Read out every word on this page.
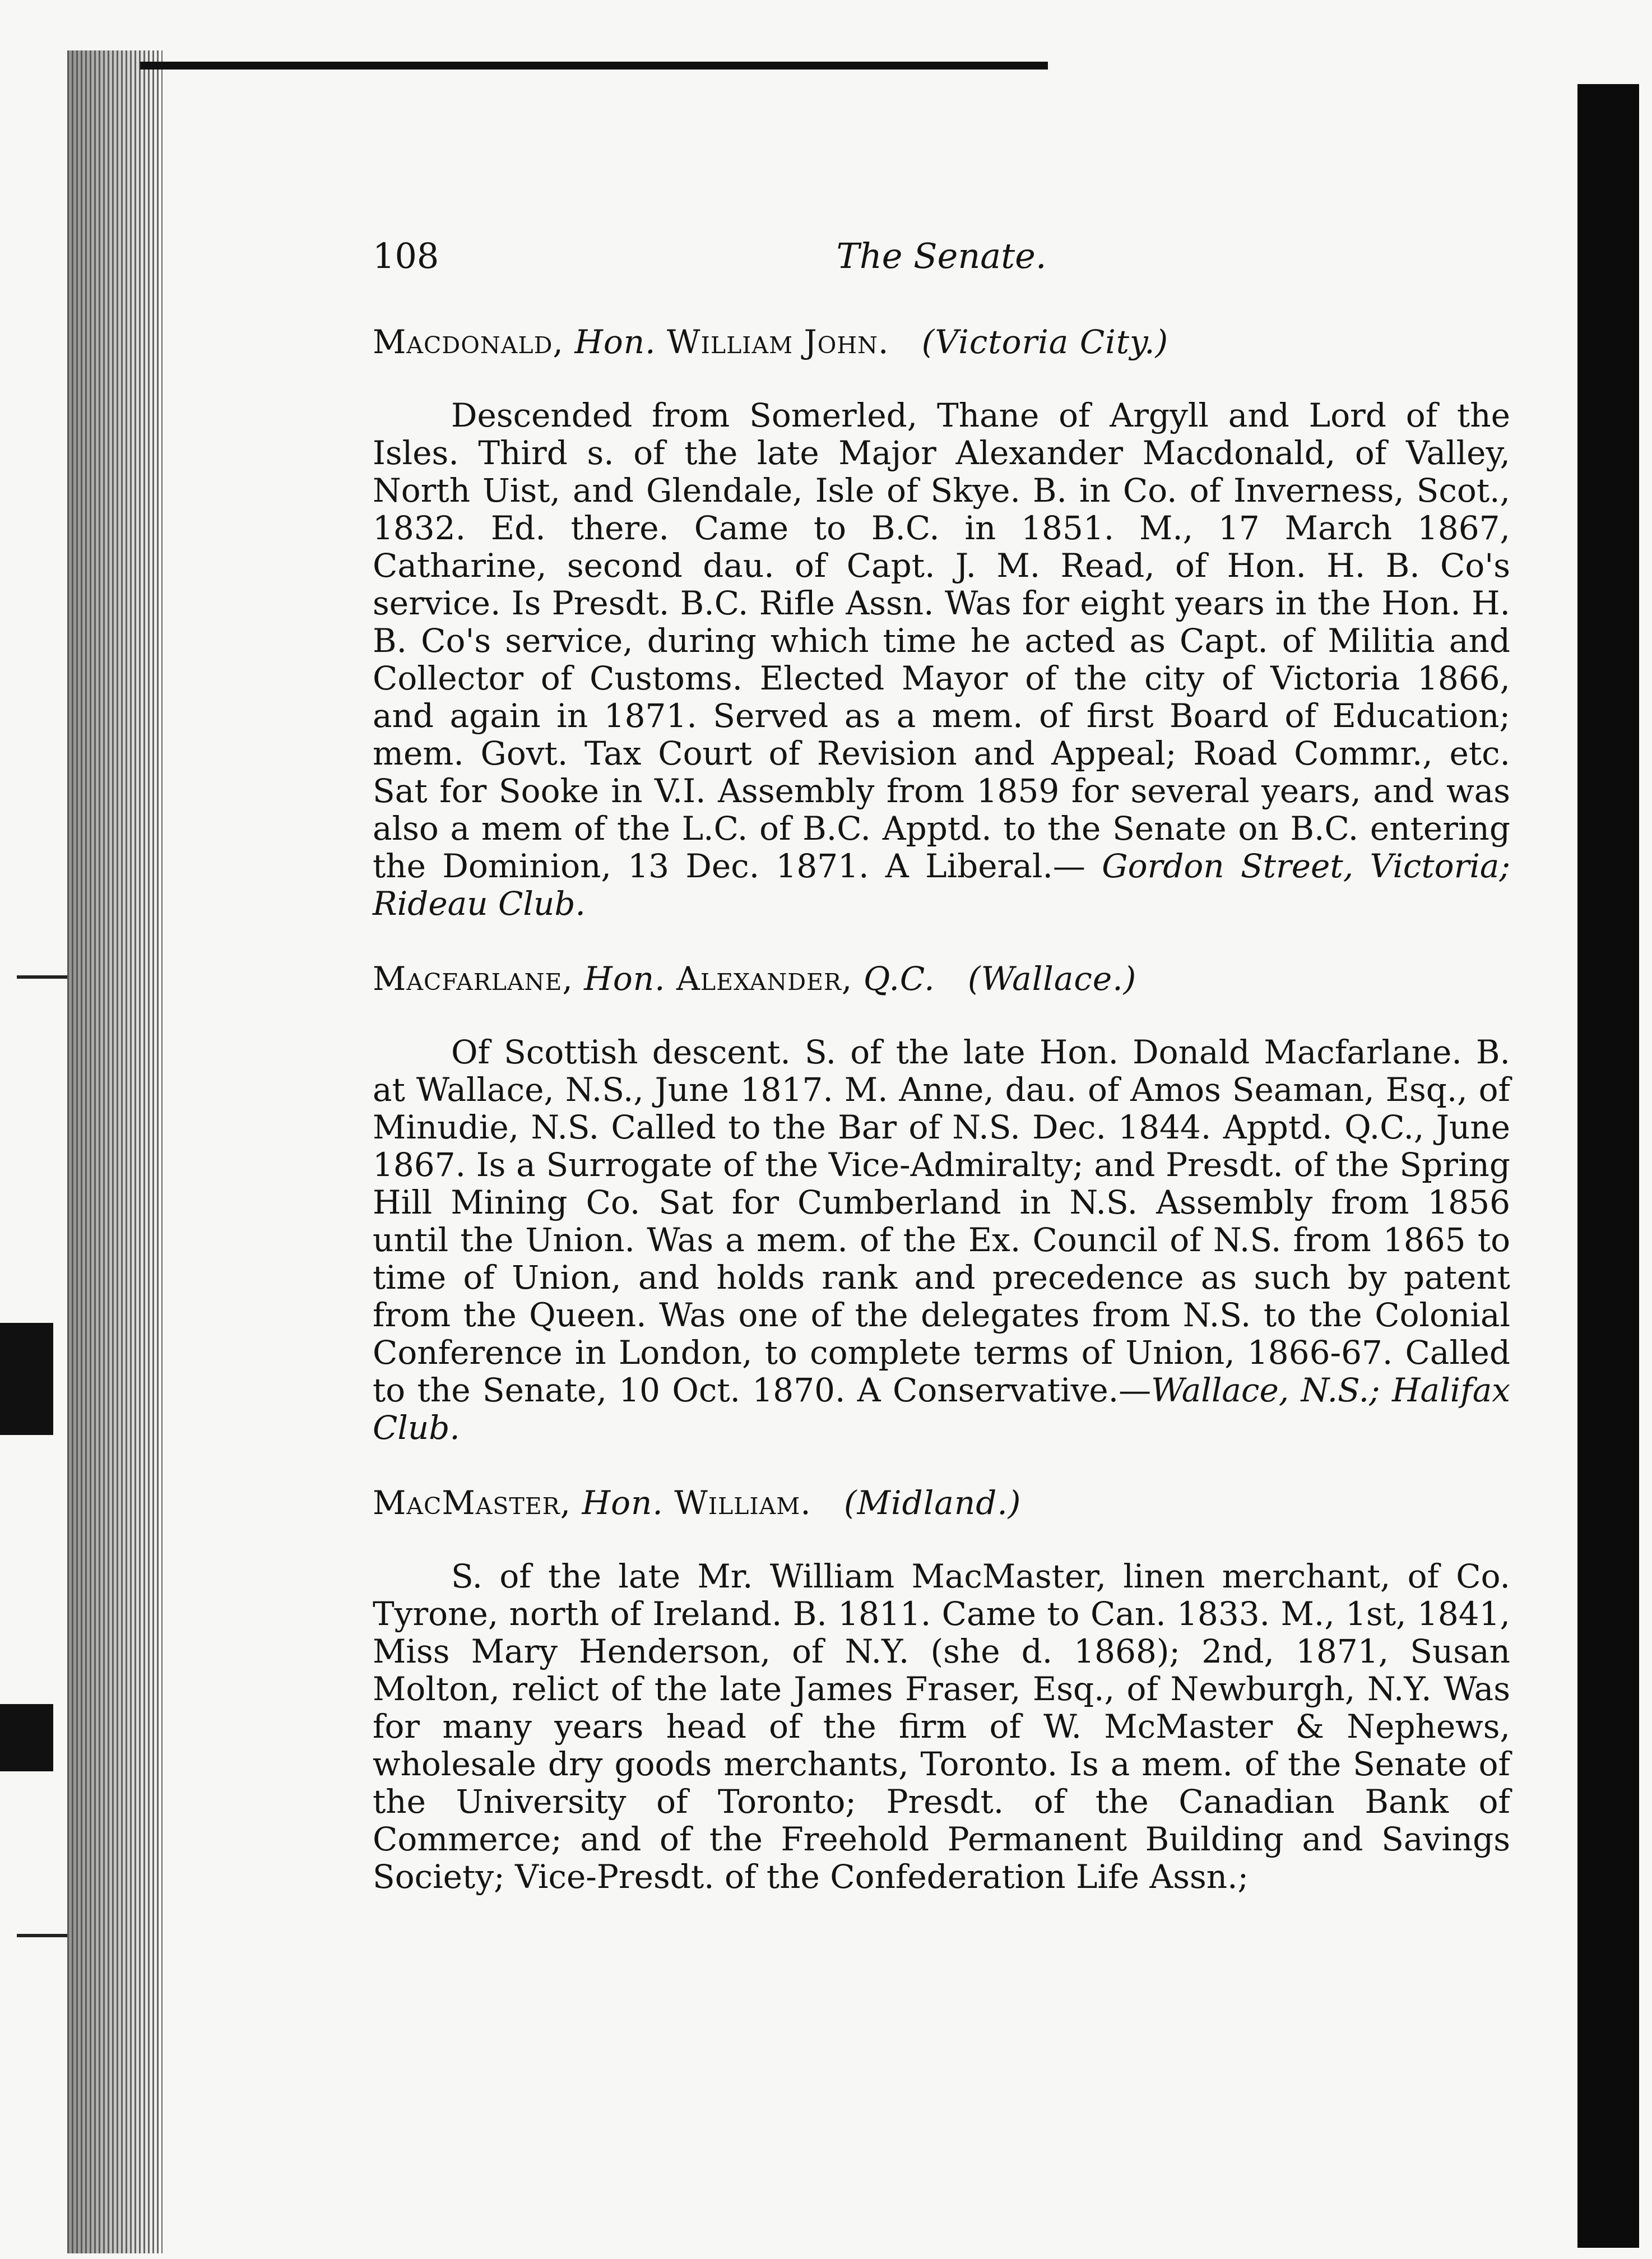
108	The Senate.
Macdonald, Hon. William John. (Victoria City.)

Descended from Somerled, Thane of Argyll and Lord of the Isles. Third s. of the late Major Alexander Macdonald, of Valley, North Uist, and Glendale, Isle of Skye. B. in Co. of Inverness, Scot., 1832. Ed. there. Came to B.C. in 1851. M., 17 March 1867, Catharine, second dau. of Capt. J. M. Read, of Hon. H. B. Co's service. Is Presdt. B.C. Rifle Assn. Was for eight years in the Hon. H. B. Co's service, during which time he acted as Capt. of Militia and Collector of Customs. Elected Mayor of the city of Victoria 1866, and again in 1871. Served as a mem. of first Board of Education; mem. Govt. Tax Court of Revision and Appeal; Road Commr., etc. Sat for Sooke in V.I. Assembly from 1859 for several years, and was also a mem of the L.C. of B.C. Apptd. to the Senate on B.C. entering the Dominion, 13 Dec. 1871. A Liberal.— Gordon Street, Victoria; Rideau Club.

Macfarlane, Hon. Alexander, Q.C. (Wallace.)

Of Scottish descent. S. of the late Hon. Donald Macfarlane. B. at Wallace, N.S., June 1817. M. Anne, dau. of Amos Seaman, Esq., of Minudie, N.S. Called to the Bar of N.S. Dec. 1844. Apptd. Q.C., June 1867. Is a Surrogate of the Vice-Admiralty; and Presdt. of the Spring Hill Mining Co. Sat for Cumberland in N.S. Assembly from 1856 until the Union. Was a mem. of the Ex. Council of N.S. from 1865 to time of Union, and holds rank and precedence as such by patent from the Queen. Was one of the delegates from N.S. to the Colonial Conference in London, to complete terms of Union, 1866-67. Called to the Senate, 10 Oct. 1870. A Conservative.—Wallace, N.S.; Halifax Club.

MacMaster, Hon. William. (Midland.)

S. of the late Mr. William MacMaster, linen merchant, of Co. Tyrone, north of Ireland. B. 1811. Came to Can. 1833. M., 1st, 1841, Miss Mary Henderson, of N.Y. (she d. 1868); 2nd, 1871, Susan Molton, relict of the late James Fraser, Esq., of Newburgh, N.Y. Was for many years head of the firm of W. McMaster & Nephews, wholesale dry goods merchants, Toronto. Is a mem. of the Senate of the University of Toronto; Presdt. of the Canadian Bank of Commerce; and of the Freehold Permanent Building and Savings Society; Vice-Presdt. of the Confederation Life Assn.;
